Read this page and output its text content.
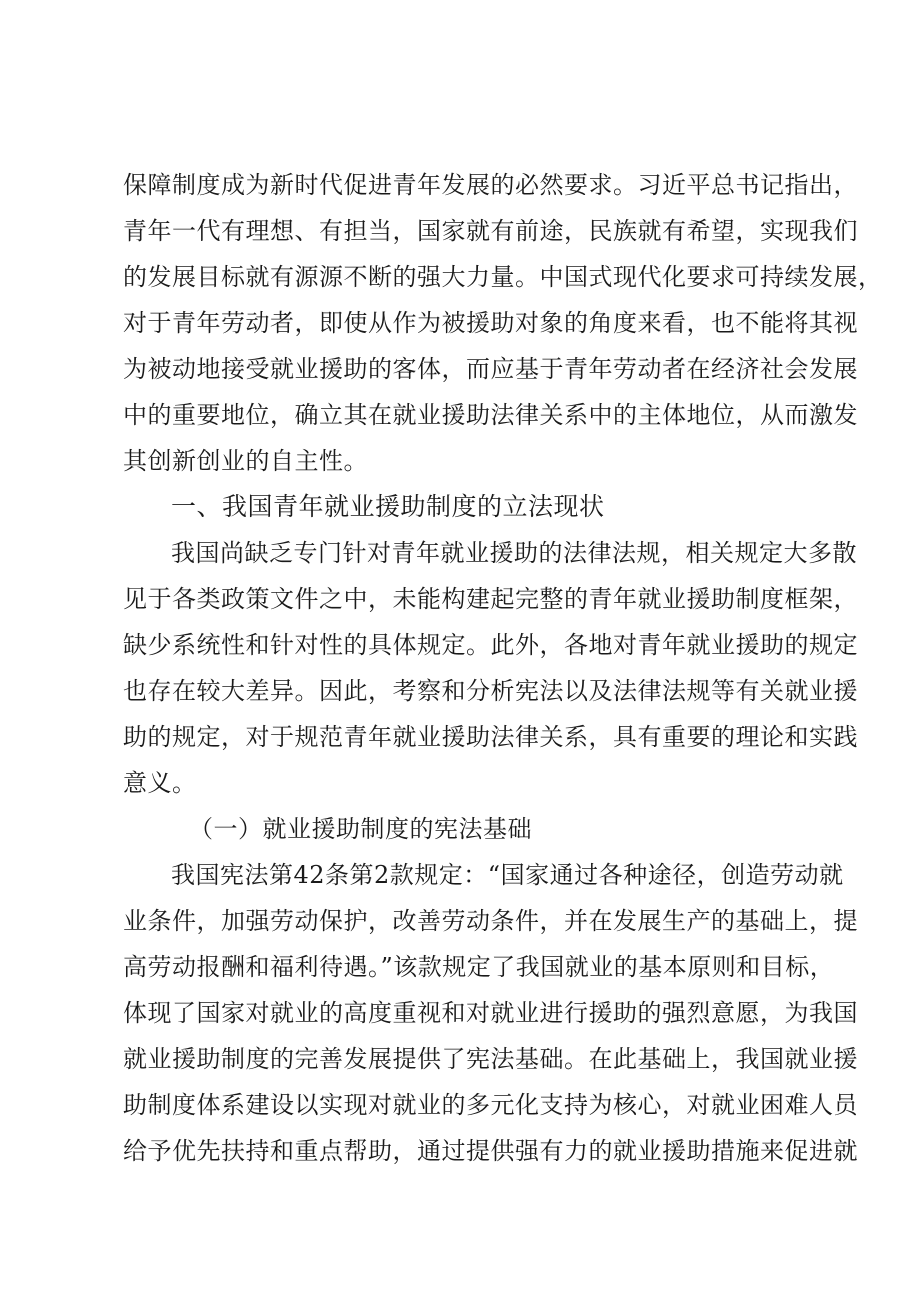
保障制度成为新时代促进青年发展的必然要求。习近平总书记指出，
青年一代有理想、有担当，国家就有前途，民族就有希望，实现我们
的发展目标就有源源不断的强大力量。中国式现代化要求可持续发展，
对于青年劳动者，即使从作为被援助对象的角度来看，也不能将其视
为被动地接受就业援助的客体，而应基于青年劳动者在经济社会发展
中的重要地位，确立其在就业援助法律关系中的主体地位，从而激发
其创新创业的自主性。
一、我国青年就业援助制度的立法现状
我国尚缺乏专门针对青年就业援助的法律法规，相关规定大多散
见于各类政策文件之中，未能构建起完整的青年就业援助制度框架，
缺少系统性和针对性的具体规定。此外，各地对青年就业援助的规定
也存在较大差异。因此，考察和分析宪法以及法律法规等有关就业援
助的规定，对于规范青年就业援助法律关系，具有重要的理论和实践
意义。
（一）就业援助制度的宪法基础
我国宪法第42条第2款规定：“国家通过各种途径，创造劳动就
业条件，加强劳动保护，改善劳动条件，并在发展生产的基础上，提
高劳动报酬和福利待遇。”该款规定了我国就业的基本原则和目标，
体现了国家对就业的高度重视和对就业进行援助的强烈意愿，为我国
就业援助制度的完善发展提供了宪法基础。在此基础上，我国就业援
助制度体系建设以实现对就业的多元化支持为核心，对就业困难人员
给予优先扶持和重点帮助，通过提供强有力的就业援助措施来促进就
